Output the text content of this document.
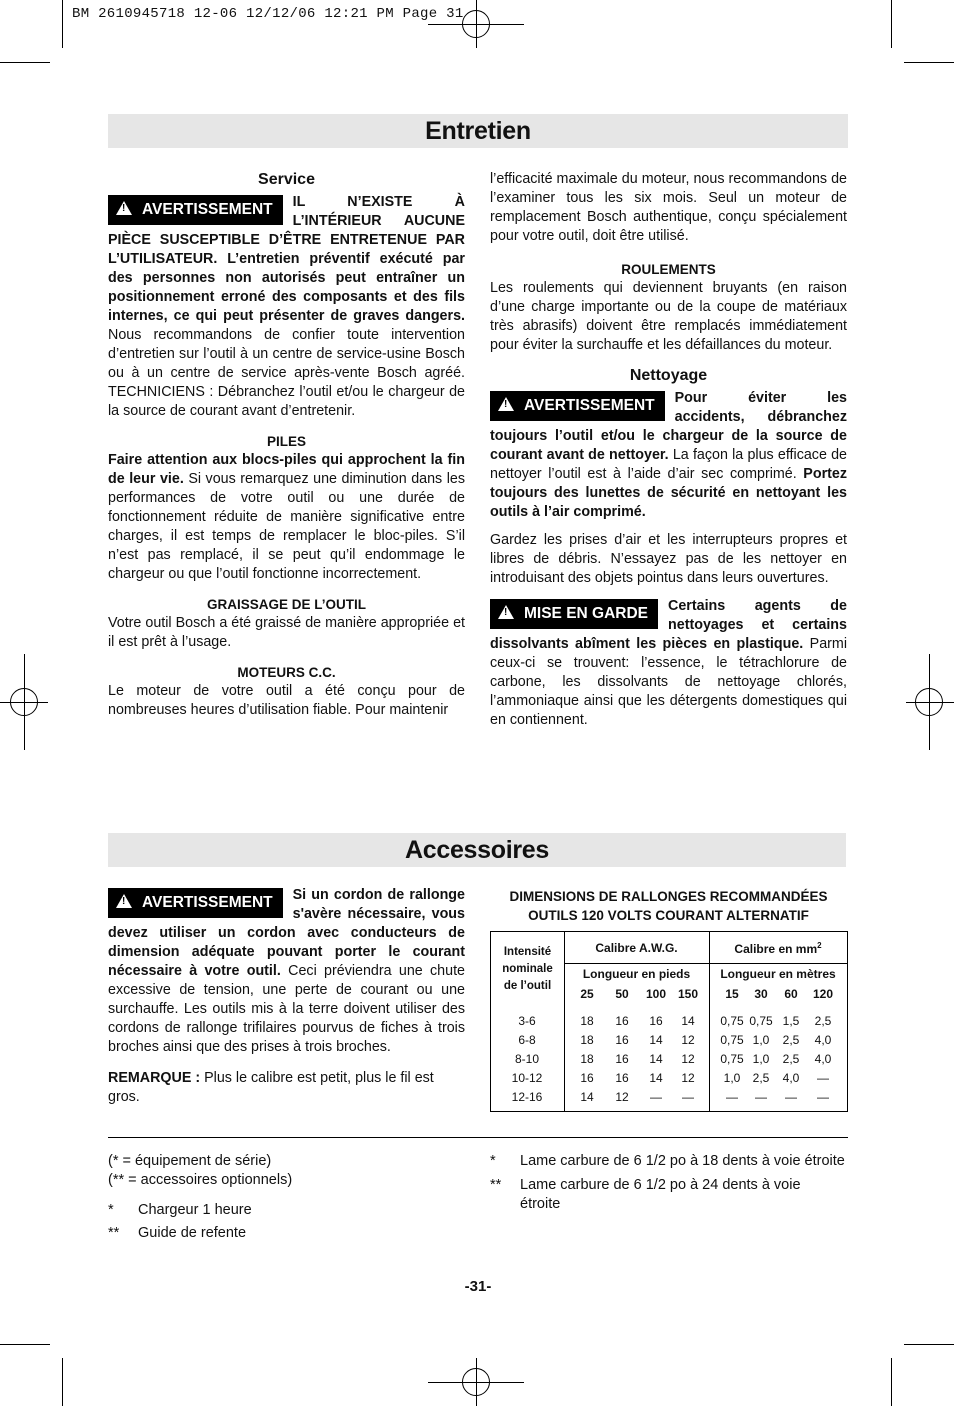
BM 2610945718 12-06 12/12/06 12:21 PM Page 31
Entretien
Service

! AVERTISSEMENT	IL N’EXISTE À L’INTÉRIEUR AUCUNE PIÈCE SUSCEPTIBLE D’ÊTRE ENTRETENUE PAR L’UTILISATEUR. L’entretien préventif exécuté par des personnes non autorisés peut entraîner un positionnement erroné des composants et des fils internes, ce qui peut présenter de graves dangers. Nous recommandons de confier toute intervention d’entretien sur l’outil à un centre de service-usine Bosch ou à un centre de service après-vente Bosch agréé. TECHNICIENS : Débranchez l’outil et/ou le chargeur de la source de courant avant d’entretenir.

PILES

Faire attention aux blocs-piles qui approchent la fin de leur vie. Si vous remarquez une diminution dans les performances de votre outil ou une durée de fonctionnement réduite de manière significative entre charges, il est temps de remplacer le bloc-piles. S’il n’est pas remplacé, il se peut qu’il endommage le chargeur ou que l’outil fonctionne incorrectement.

GRAISSAGE DE L’OUTIL

Votre outil Bosch a été graissé de manière appropriée et il est prêt à l’usage.

MOTEURS C.C.

Le moteur de votre outil a été conçu pour de nombreuses heures d’utilisation fiable. Pour maintenir

l’efficacité maximale du moteur, nous recommandons de l’examiner tous les six mois. Seul un moteur de remplacement Bosch authentique, conçu spécialement pour votre outil, doit être utilisé.

ROULEMENTS

Les roulements qui deviennent bruyants (en raison d’une charge importante ou de la coupe de matériaux très abrasifs) doivent être remplacés immédiatement pour éviter la surchauffe et les défaillances du moteur.

Nettoyage

! AVERTISSEMENT	Pour éviter les accidents, débranchez toujours l’outil et/ou le chargeur de la source de courant avant de nettoyer. La façon la plus efficace de nettoyer l’outil est à l’aide d’air sec comprimé. Portez toujours des lunettes de sécurité en nettoyant les outils à l’air comprimé.

Gardez les prises d’air et les interrupteurs propres et libres de débris. N’essayez pas de les nettoyer en introduisant des objets pointus dans leurs ouvertures.

! MISE EN GARDE	Certains agents de nettoyages et certains dissolvants abîment les pièces en plastique. Parmi ceux-ci se trouvent: l’essence, le tétrachlorure de carbone, les dissolvants de nettoyage chlorés, l’ammoniaque ainsi que les détergents domestiques qui en contiennent.

Accessoires

! AVERTISSEMENT	Si un cordon de rallonge s'avère nécessaire, vous devez utiliser un cordon avec conducteurs de dimension adéquate pouvant porter le courant nécessaire à votre outil. Ceci préviendra une chute excessive de tension, une perte de courant ou une surchauffe. Les outils mis à la terre doivent utiliser des cordons de rallonge trifilaires pourvus de fiches à trois broches ainsi que des prises à trois broches.

REMARQUE : Plus le calibre est petit, plus le fil est gros.

DIMENSIONS DE RALLONGES RECOMMANDÉES
OUTILS 120 VOLTS COURANT ALTERNATIF
Intensité
nominale
de l’outil
Calibre A.W.G.	Calibre en $mm^2$
Longueur en pieds	Longueur en mètres
25	50	100 150	15	30	60	120
3-6	18	16	16	14	0,75 0,75 1,5	2,5
6-8	18	16	14	12	0,75 1,0	2,5	4,0
8-10	18	16	14	12	0,75 1,0	2,5	4,0
10-12	16	16	14	12	1,0	2,5	4,0	—
12-16	14	12	—	—	—	—	—	—
(* = équipement de série)
(** = accessoires optionnels)
*	Chargeur 1 heure
**	Guide de refente
*	Lame carbure de 6 1/2 po à 18 dents à voie étroite
**	Lame carbure de 6 1/2 po à 24 dents à voie étroite
-31-
